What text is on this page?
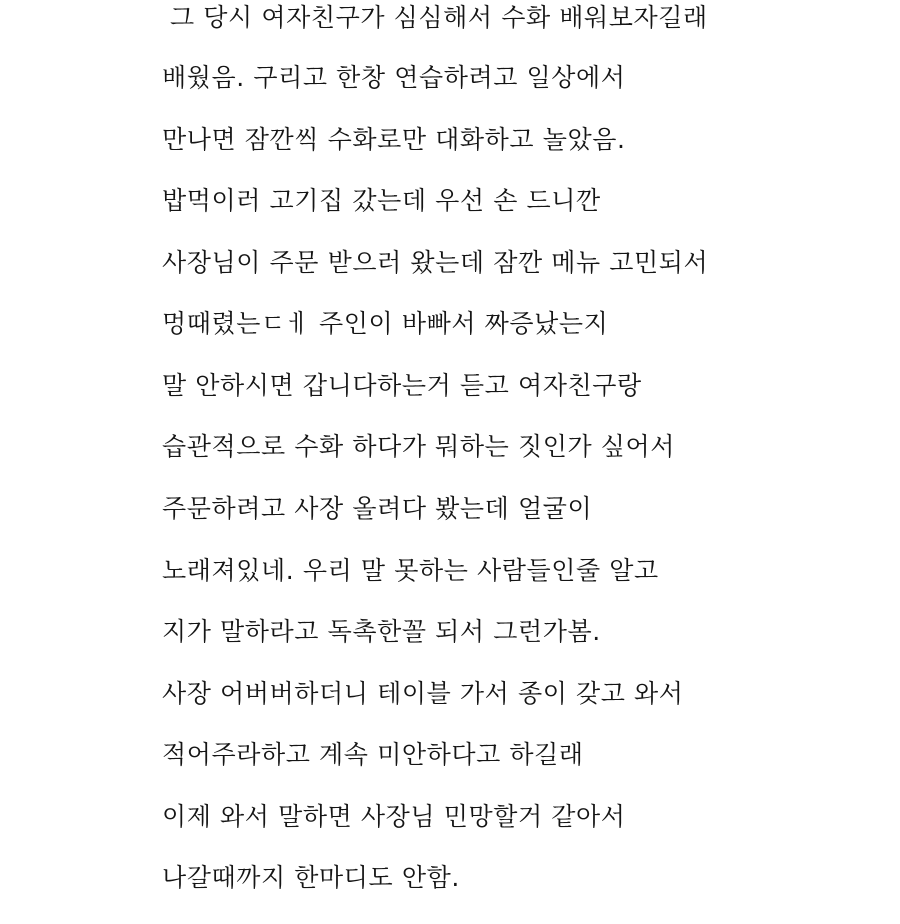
그 당시 여자친구가 심심해서 수화 배워보자길래
배웠음. 구리고 한창 연습하려고 일상에서
만나면 잠깐씩 수화로만 대화하고 놀았음.
밥먹이러 고기집 갔는데 우선 손 드니깐
사장님이 주문 받으러 왔는데 잠깐 메뉴 고민되서
멍때렸는ㄷㅔ 주인이 바빠서 짜증났는지
말 안하시면 갑니다하는거 듣고 여자친구랑
습관적으로 수화 하다가 뭐하는 짓인가 싶어서
주문하려고 사장 올려다 봤는데 얼굴이
노래져있네. 우리 말 못하는 사람들인줄 알고
지가 말하라고 독촉한꼴 되서 그런가봄.
사장 어버버하더니 테이블 가서 종이 갖고 와서
적어주라하고 계속 미안하다고 하길래
이제 와서 말하면 사장님 민망할거 같아서
나갈때까지 한마디도 안함.
